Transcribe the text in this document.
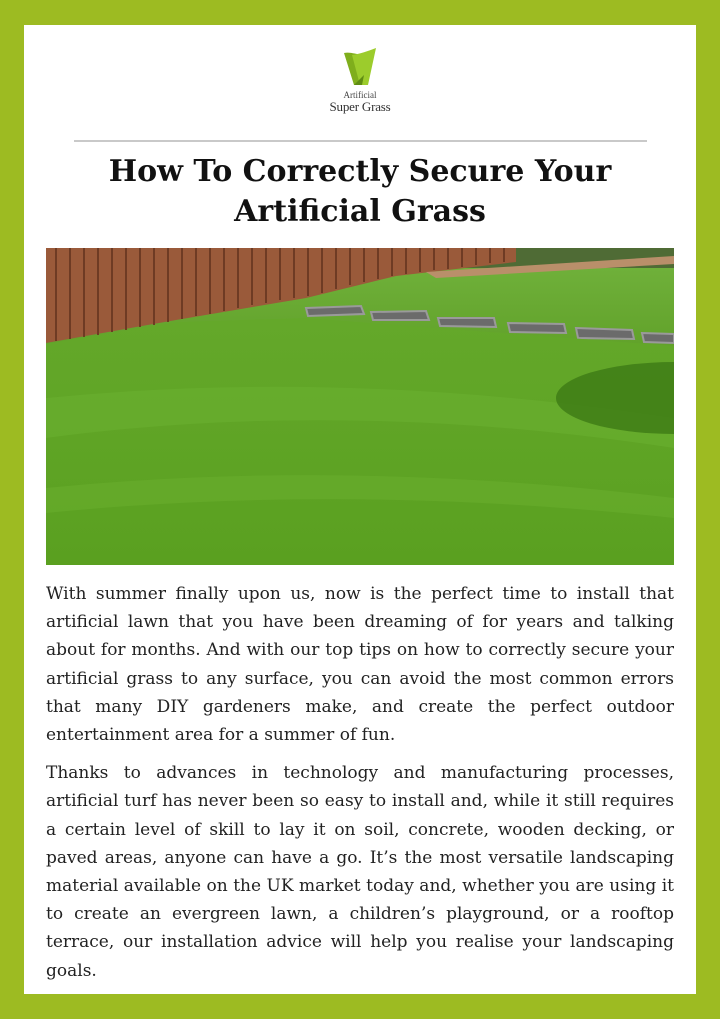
Artificial
Super Grass
How To Correctly Secure Your Artificial Grass

With summer finally upon us, now is the perfect time to install that artificial lawn that you have been dreaming of for years and talking about for months. And with our top tips on how to correctly secure your artificial grass to any surface, you can avoid the most common errors that many DIY gardeners make, and create the perfect outdoor entertainment area for a summer of fun.

Thanks to advances in technology and manufacturing processes, artificial turf has never been so easy to install and, while it still requires a certain level of skill to lay it on soil, concrete, wooden decking, or paved areas, anyone can have a go. It’s the most versatile landscaping material available on the UK market today and, whether you are using it to create an evergreen lawn, a children’s playground, or a rooftop terrace, our installation advice will help you realise your landscaping goals.
